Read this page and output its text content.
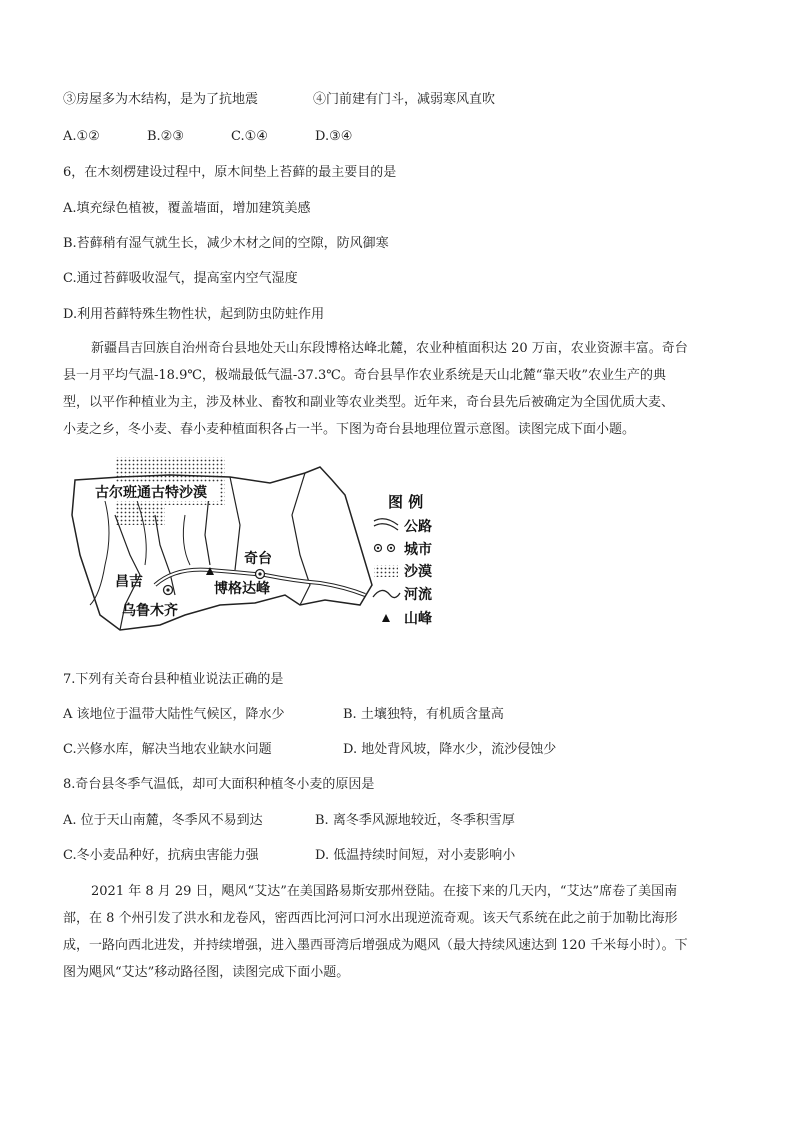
③房屋多为木结构，是为了抗地震	④门前建有门斗，减弱寒风直吹
A.①②	B.②③	C.①④	D.③④
6，在木刻楞建设过程中，原木间垫上苔藓的最主要目的是
A.填充绿色植被，覆盖墙面，增加建筑美感
B.苔藓稍有湿气就生长，减少木材之间的空隙，防风御寒
C.通过苔藓吸收湿气，提高室内空气湿度
D.利用苔藓特殊生物性状，起到防虫防蛀作用
新疆昌吉回族自治州奇台县地处天山东段博格达峰北麓，农业种植面积达 20 万亩，农业资源丰富。奇台
县一月平均气温-18.9℃，极端最低气温-37.3℃。奇台县旱作农业系统是天山北麓“靠天收”农业生产的典
型，以平作种植业为主，涉及林业、畜牧和副业等农业类型。近年来，奇台县先后被确定为全国优质大麦、
小麦之乡，冬小麦、春小麦种植面积各占一半。下图为奇台县地理位置示意图。读图完成下面小题。
古尔班通古特沙漠
奇台
昌吉
乌鲁木齐
博格达峰
图 例
公路
城市
沙漠
河流
山峰
7.下列有关奇台县种植业说法正确的是
A 该地位于温带大陆性气候区，降水少	B. 土壤独特，有机质含量高
C.兴修水库，解决当地农业缺水问题	D. 地处背风坡，降水少，流沙侵蚀少
8.奇台县冬季气温低，却可大面积种植冬小麦的原因是
A. 位于天山南麓，冬季风不易到达	B. 离冬季风源地较近，冬季积雪厚
C.冬小麦品种好，抗病虫害能力强	D. 低温持续时间短，对小麦影响小
2021 年 8 月 29 日，飓风“艾达”在美国路易斯安那州登陆。在接下来的几天内，“艾达”席卷了美国南
部，在 8 个州引发了洪水和龙卷风，密西西比河河口河水出现逆流奇观。该天气系统在此之前于加勒比海形
成，一路向西北进发，并持续增强，进入墨西哥湾后增强成为飓风（最大持续风速达到 120 千米每小时）。下
图为飓风“艾达”移动路径图，读图完成下面小题。
